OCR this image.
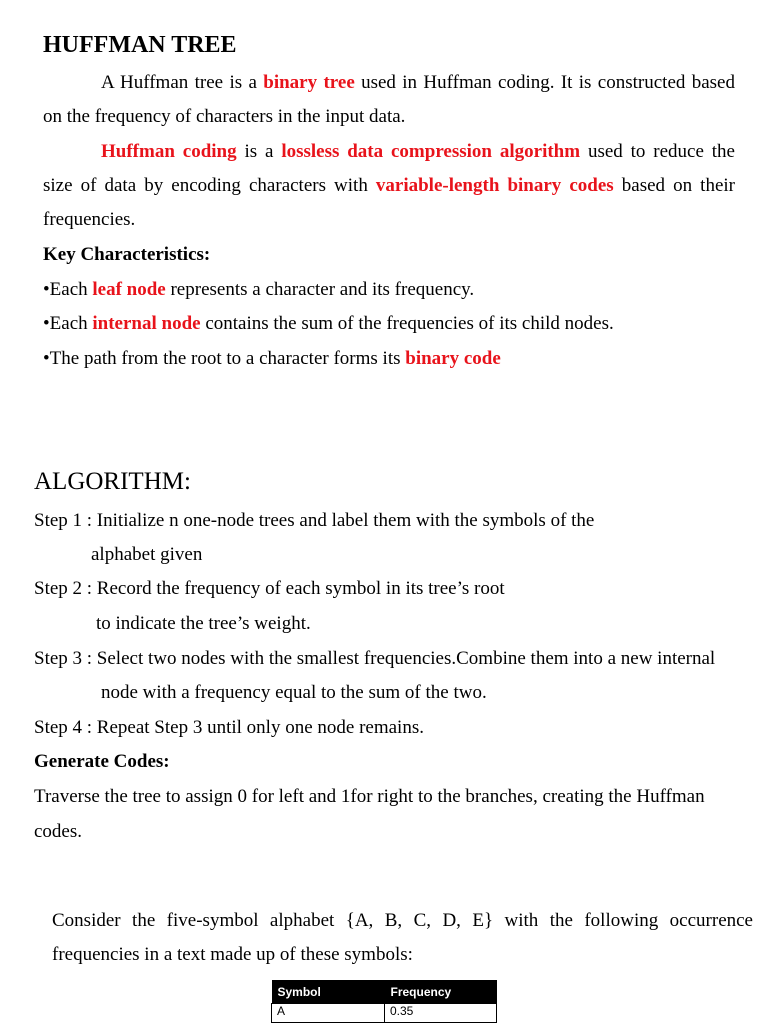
HUFFMAN TREE

A Huffman tree is a binary tree used in Huffman coding. It is constructed based

on the frequency of characters in the input data.

Huffman coding is a lossless data compression algorithm used to reduce the

size of data by encoding characters with variable-length binary codes based on their

frequencies.

Key Characteristics:

•Each leaf node represents a character and its frequency.

•Each internal node contains the sum of the frequencies of its child nodes.

•The path from the root to a character forms its binary code

ALGORITHM:

Step 1 : Initialize n one-node trees and label them with the symbols of the

alphabet given

Step 2 : Record the frequency of each symbol in its tree’s root

to indicate the tree’s weight.

Step 3 : Select two nodes with the smallest frequencies.Combine them into a new internal

node with a frequency equal to the sum of the two.

Step 4 : Repeat Step 3 until only one node remains.

Generate Codes:

Traverse the tree to assign 0 for left and 1for right to the branches, creating the Huffman

codes.

Consider the five-symbol alphabet {A, B, C, D, E} with the following occurrence

frequencies in a text made up of these symbols:

Symbol	Frequency
A	0.35
